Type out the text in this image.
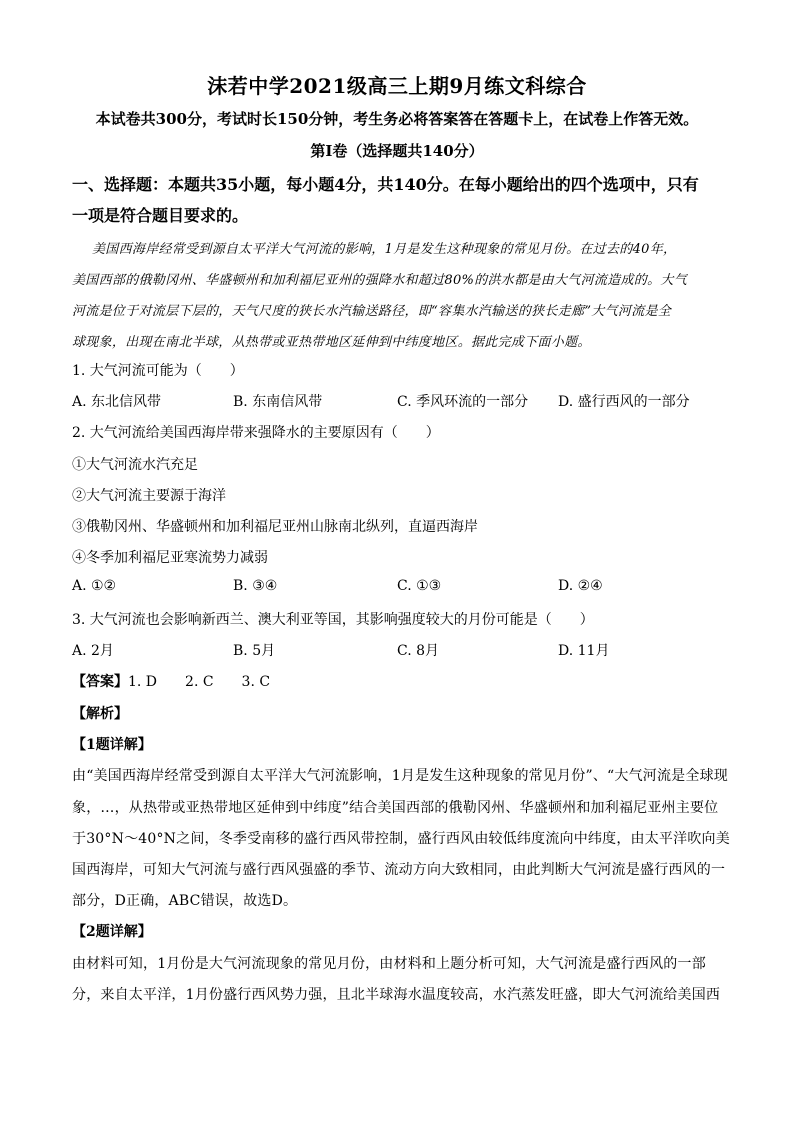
沫若中学2021级高三上期9月练文科综合
本试卷共300分，考试时长150分钟，考生务必将答案答在答题卡上，在试卷上作答无效。
第Ⅰ卷（选择题共140分）
一、选择题：本题共35小题，每小题4分，共140分。在每小题给出的四个选项中，只有
一项是符合题目要求的。
美国西海岸经常受到源自太平洋大气河流的影响，1月是发生这种现象的常见月份。在过去的40年，
美国西部的俄勒冈州、华盛顿州和加利福尼亚州的强降水和超过80%的洪水都是由大气河流造成的。大气
河流是位于对流层下层的，天气尺度的狭长水汽输送路径，即“容集水汽输送的狭长走廊”大气河流是全
球现象，出现在南北半球，从热带或亚热带地区延伸到中纬度地区。据此完成下面小题。
1. 大气河流可能为（　　）
A. 东北信风带	B. 东南信风带	C. 季风环流的一部分 D. 盛行西风的一部分
2. 大气河流给美国西海岸带来强降水的主要原因有（　　）
①大气河流水汽充足
②大气河流主要源于海洋
③俄勒冈州、华盛顿州和加利福尼亚州山脉南北纵列，直逼西海岸
④冬季加利福尼亚寒流势力减弱
A. ①②	B. ③④	C. ①③	D. ②④
3. 大气河流也会影响新西兰、澳大利亚等国，其影响强度较大的月份可能是（　　）
A. 2月	B. 5月	C. 8月	D. 11月
【答案】1. D　　2. C　　3. C
【解析】
【1题详解】
由“美国西海岸经常受到源自太平洋大气河流影响，1月是发生这种现象的常见月份”、“大气河流是全球现
象，…，从热带或亚热带地区延伸到中纬度”结合美国西部的俄勒冈州、华盛顿州和加利福尼亚州主要位
于30°N～40°N之间，冬季受南移的盛行西风带控制，盛行西风由较低纬度流向中纬度，由太平洋吹向美
国西海岸，可知大气河流与盛行西风强盛的季节、流动方向大致相同，由此判断大气河流是盛行西风的一
部分，D正确，ABC错误，故选D。
【2题详解】
由材料可知，1月份是大气河流现象的常见月份，由材料和上题分析可知，大气河流是盛行西风的一部
分，来自太平洋，1月份盛行西风势力强，且北半球海水温度较高，水汽蒸发旺盛，即大气河流给美国西
